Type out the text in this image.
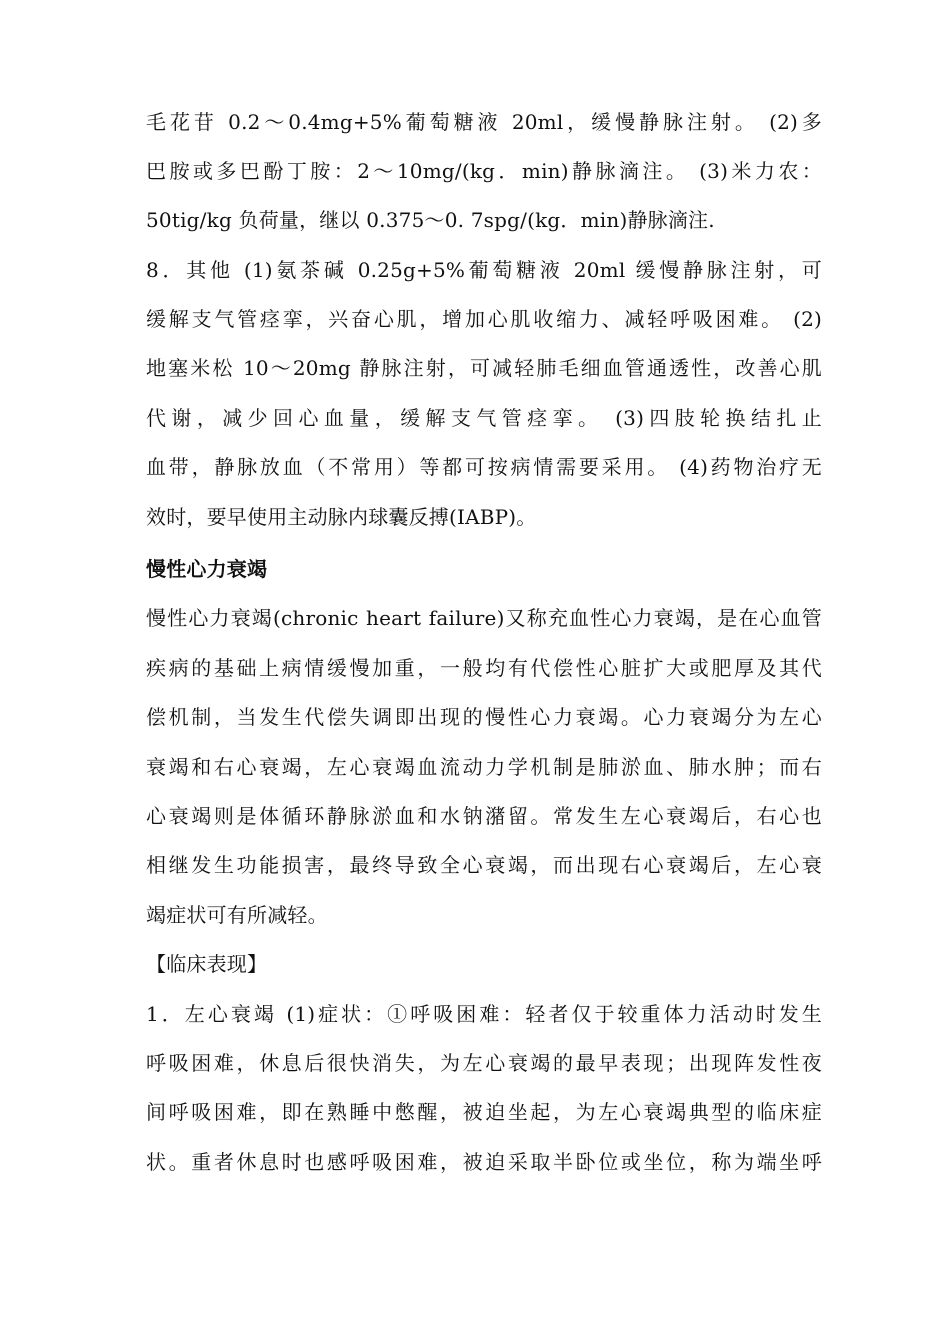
毛花苷 0.2～0.4mg+5%葡萄糖液 20ml，缓慢静脉注射。 (2)多
巴胺或多巴酚丁胺：2～10mg/(kg．min)静脉滴注。 (3)米力农：
50tig/kg 负荷量，继以 0.375～0. 7spg/(kg．min)静脉滴注.
8．其他 (1)氨茶碱 0.25g+5%葡萄糖液 20ml 缓慢静脉注射，可
缓解支气管痉挛，兴奋心肌，增加心肌收缩力、减轻呼吸困难。 (2)
地塞米松 10～20mg 静脉注射，可减轻肺毛细血管通透性，改善心肌
代谢，减少回心血量，缓解支气管痉挛。 (3)四肢轮换结扎止
血带，静脉放血（不常用）等都可按病情需要采用。 (4)药物治疗无
效时，要早使用主动脉内球囊反搏(IABP)。
慢性心力衰竭
慢性心力衰竭(chronic heart failure)又称充血性心力衰竭，是在心血管
疾病的基础上病情缓慢加重，一般均有代偿性心脏扩大或肥厚及其代
偿机制，当发生代偿失调即出现的慢性心力衰竭。心力衰竭分为左心
衰竭和右心衰竭，左心衰竭血流动力学机制是肺淤血、肺水肿；而右
心衰竭则是体循环静脉淤血和水钠潴留。常发生左心衰竭后，右心也
相继发生功能损害，最终导致全心衰竭，而出现右心衰竭后，左心衰
竭症状可有所减轻。
【临床表现】
1．左心衰竭 (1)症状：①呼吸困难：轻者仅于较重体力活动时发生
呼吸困难，休息后很快消失，为左心衰竭的最早表现；出现阵发性夜
间呼吸困难，即在熟睡中憋醒，被迫坐起，为左心衰竭典型的临床症
状。重者休息时也感呼吸困难，被迫采取半卧位或坐位，称为端坐呼
